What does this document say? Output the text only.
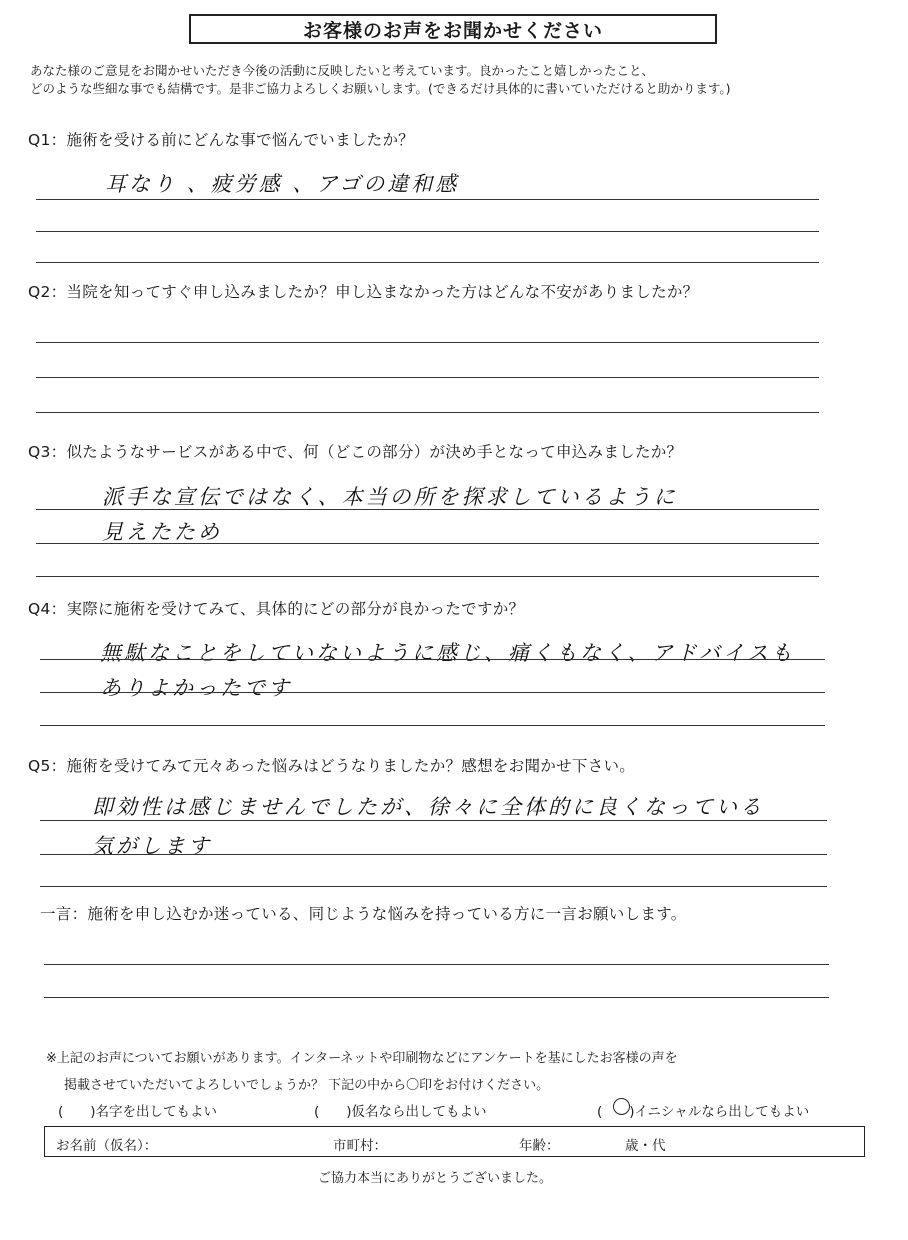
お客様のお声をお聞かせください
あなた様のご意見をお聞かせいただき今後の活動に反映したいと考えています。良かったこと嬉しかったこと、
どのような些細な事でも結構です。是非ご協力よろしくお願いします。(できるだけ具体的に書いていただけると助かります。)
Q1：施術を受ける前にどんな事で悩んでいましたか？
耳なり 、疲労感 、アゴの違和感
Q2：当院を知ってすぐ申し込みましたか？申し込まなかった方はどんな不安がありましたか？
Q3：似たようなサービスがある中で、何（どこの部分）が決め手となって申込みましたか？
派手な宣伝ではなく、本当の所を探求しているように
見えたため
Q4：実際に施術を受けてみて、具体的にどの部分が良かったですか？
無駄なことをしていないように感じ、痛くもなく、アドバイスも
ありよかったです
Q5：施術を受けてみて元々あった悩みはどうなりましたか？感想をお聞かせ下さい。
即効性は感じませんでしたが、徐々に全体的に良くなっている
気がします
一言：施術を申し込むか迷っている、同じような悩みを持っている方に一言お願いします。
※上記のお声についてお願いがあります。インターネットや印刷物などにアンケートを基にしたお客様の声を
掲載させていただいてよろしいでしょうか？ 下記の中から〇印をお付けください。
(　　)名字を出してもよい	(　　)仮名なら出してもよい	(　　)イニシャルなら出してもよい
お名前（仮名）：	市町村：	年齢：	歳・代
ご協力本当にありがとうございました。
